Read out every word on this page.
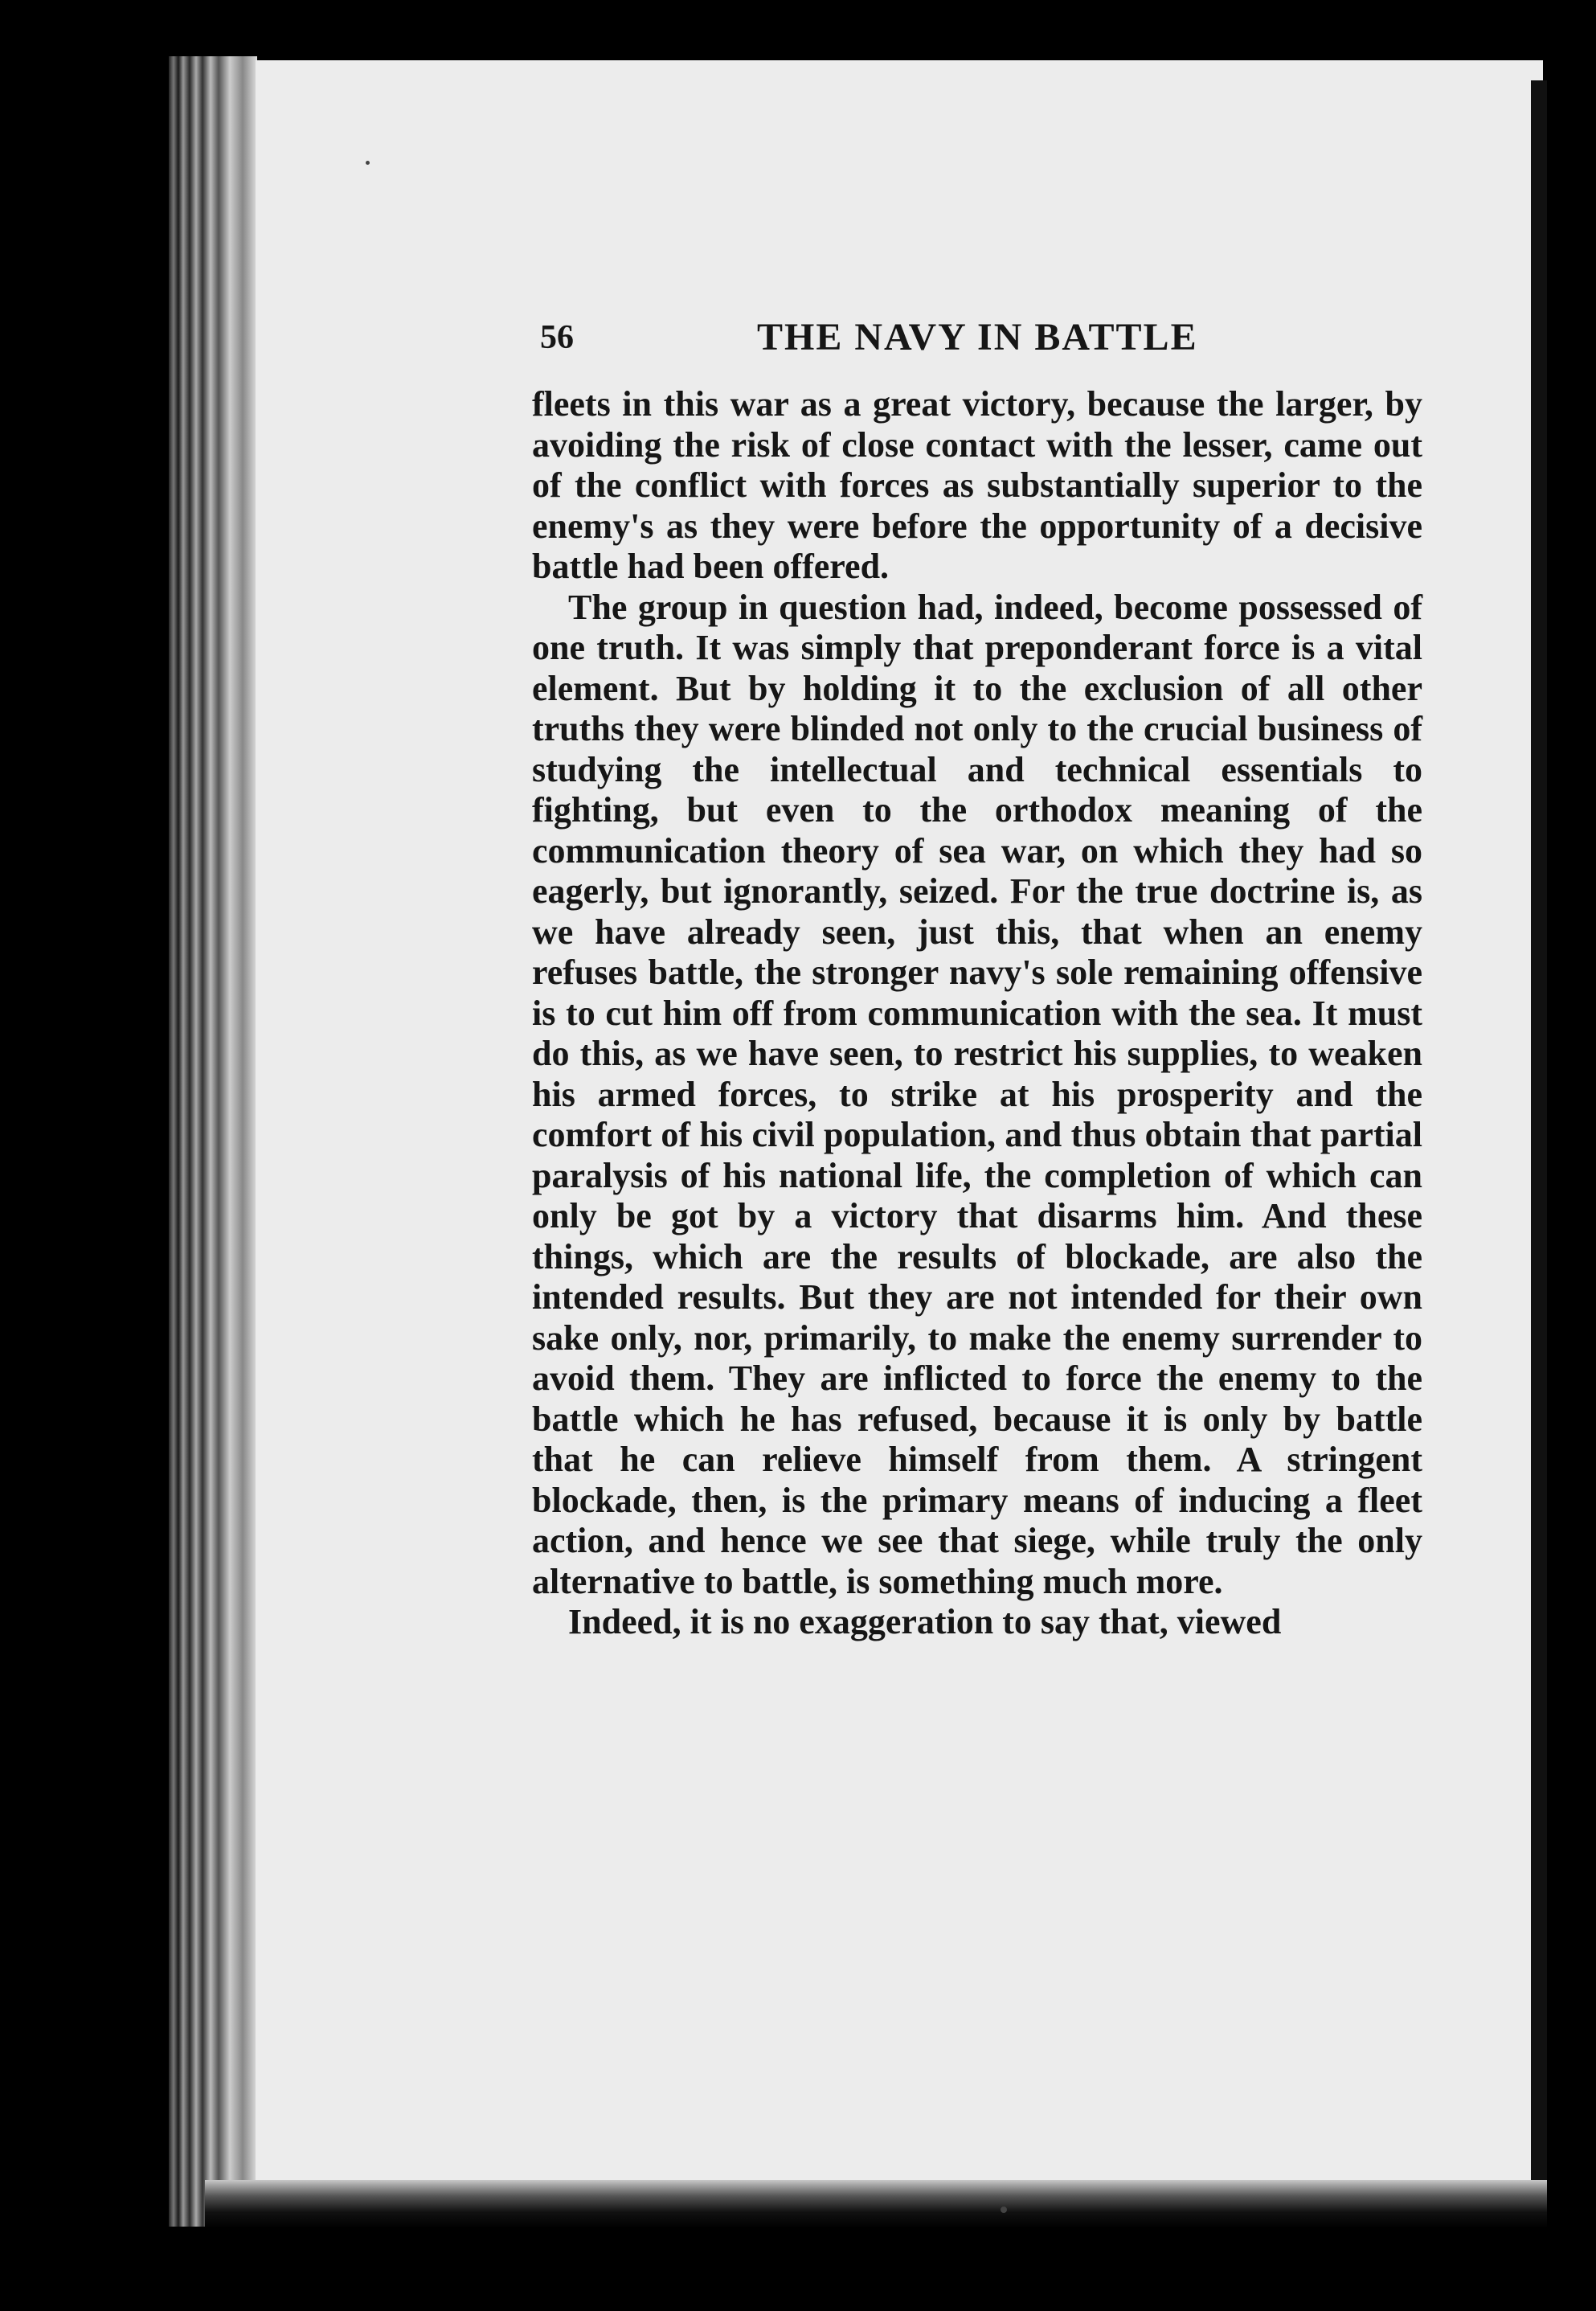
56	THE NAVY IN BATTLE

fleets in this war as a great victory, because the larger, by avoiding the risk of close contact with the lesser, came out of the conflict with forces as substantially superior to the enemy's as they were before the opportunity of a decisive battle had been offered.

The group in question had, indeed, become possessed of one truth. It was simply that preponderant force is a vital element. But by holding it to the exclusion of all other truths they were blinded not only to the crucial business of studying the intellectual and technical essentials to fighting, but even to the orthodox meaning of the communication theory of sea war, on which they had so eagerly, but ignorantly, seized. For the true doctrine is, as we have already seen, just this, that when an enemy refuses battle, the stronger navy's sole remaining offensive is to cut him off from communication with the sea. It must do this, as we have seen, to restrict his supplies, to weaken his armed forces, to strike at his prosperity and the comfort of his civil population, and thus obtain that partial paralysis of his national life, the completion of which can only be got by a victory that disarms him. And these things, which are the results of blockade, are also the intended results. But they are not intended for their own sake only, nor, primarily, to make the enemy surrender to avoid them. They are inflicted to force the enemy to the battle which he has refused, because it is only by battle that he can relieve himself from them. A stringent blockade, then, is the primary means of inducing a fleet action, and hence we see that siege, while truly the only alternative to battle, is something much more.

Indeed, it is no exaggeration to say that, viewed
